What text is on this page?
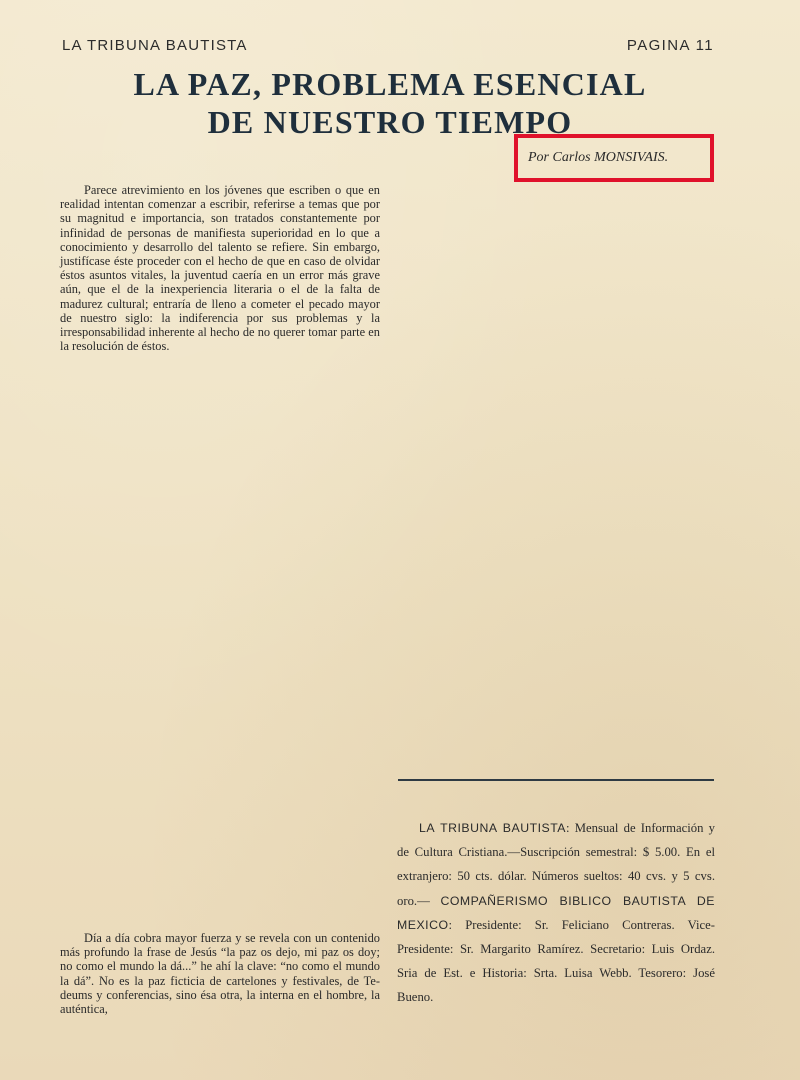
LA TRIBUNA BAUTISTA	PAGINA 11
LA PAZ, PROBLEMA ESENCIAL
DE NUESTRO TIEMPO
Por Carlos MONSIVAIS.

Parece atrevimiento en los jóvenes que escriben o que en realidad intentan comenzar a escribir, referirse a temas que por su magnitud e importancia, son tratados constantemente por infinidad de personas de manifiesta superioridad en lo que a conocimiento y desarrollo del talento se refiere. Sin embargo, justifícase éste proceder con el hecho de que en caso de olvidar éstos asuntos vitales, la juventud caería en un error más grave aún, que el de la inexperiencia literaria o el de la falta de madurez cultural; entraría de lleno a cometer el pecado mayor de nuestro siglo: la indiferencia por sus problemas y la irresponsabilidad inherente al hecho de no querer tomar parte en la resolución de éstos.

Día a día cobra mayor fuerza y se revela con un contenido más profundo la frase de Jesús “la paz os dejo, mi paz os doy; no como el mundo la dá...” he ahí la clave: “no como el mundo la dá”. No es la paz ficticia de cartelones y festivales, de Te-deums y conferencias, sino ésa otra, la interna en el hombre, la auténtica,

LA TRIBUNA BAUTISTA: Mensual de Información y de Cultura Cristiana.—Suscripción semestral: $ 5.00. En el extranjero: 50 cts. dólar. Números sueltos: 40 cvs. y 5 cvs. oro.— COMPAÑERISMO BIBLICO BAUTISTA DE MEXICO: Presidente: Sr. Feliciano Contreras. Vice-Presidente: Sr. Margarito Ramírez. Secretario: Luis Ordaz. Sria de Est. e Historia: Srta. Luisa Webb. Tesorero: José Bueno.
